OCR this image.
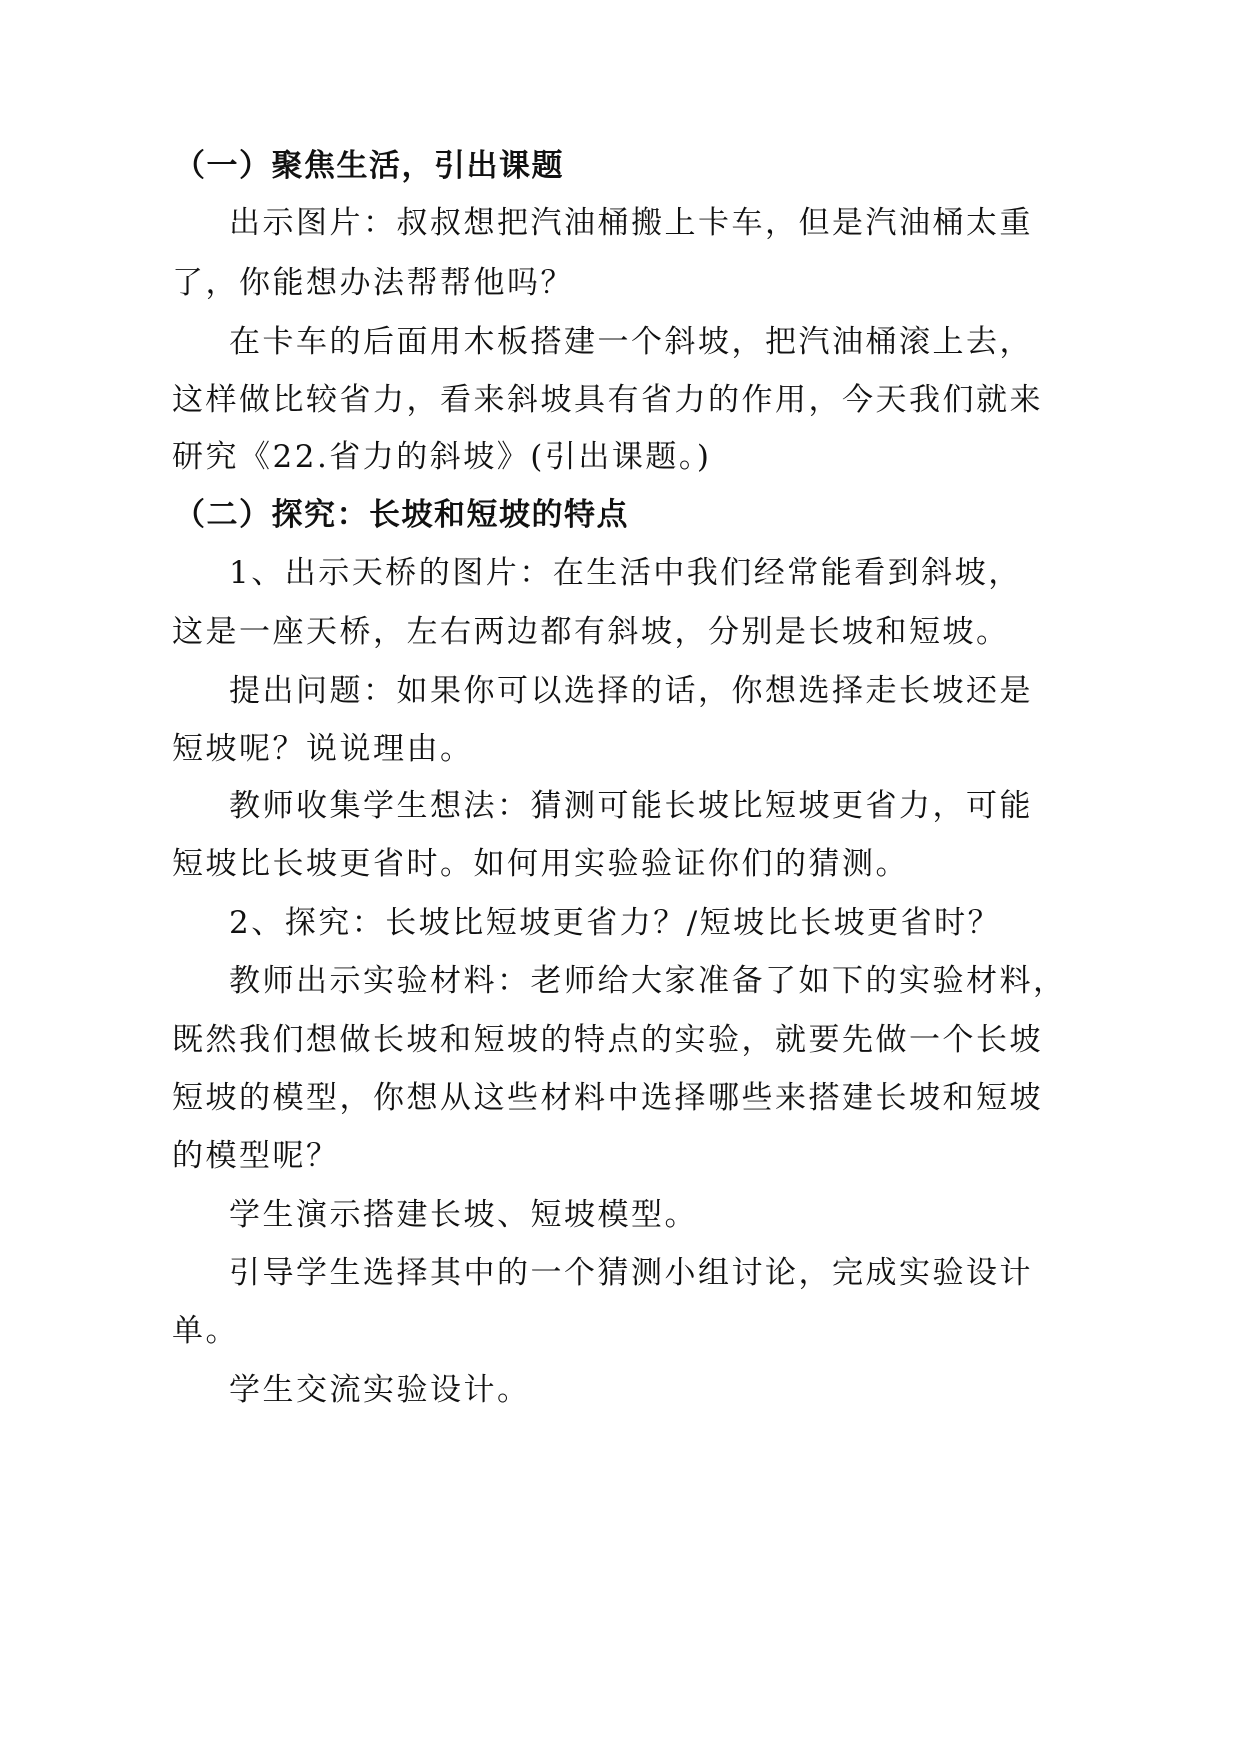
（一）聚焦生活，引出课题
出示图片：叔叔想把汽油桶搬上卡车，但是汽油桶太重
了，你能想办法帮帮他吗？
在卡车的后面用木板搭建一个斜坡，把汽油桶滚上去，
这样做比较省力，看来斜坡具有省力的作用，今天我们就来
研究《22.省力的斜坡》(引出课题。)
（二）探究：长坡和短坡的特点
1、出示天桥的图片：在生活中我们经常能看到斜坡，
这是一座天桥，左右两边都有斜坡，分别是长坡和短坡。
提出问题：如果你可以选择的话，你想选择走长坡还是
短坡呢？说说理由。
教师收集学生想法：猜测可能长坡比短坡更省力，可能
短坡比长坡更省时。如何用实验验证你们的猜测。
2、探究：长坡比短坡更省力？/短坡比长坡更省时？
教师出示实验材料：老师给大家准备了如下的实验材料，
既然我们想做长坡和短坡的特点的实验，就要先做一个长坡
短坡的模型，你想从这些材料中选择哪些来搭建长坡和短坡
的模型呢？
学生演示搭建长坡、短坡模型。
引导学生选择其中的一个猜测小组讨论，完成实验设计
单。
学生交流实验设计。
